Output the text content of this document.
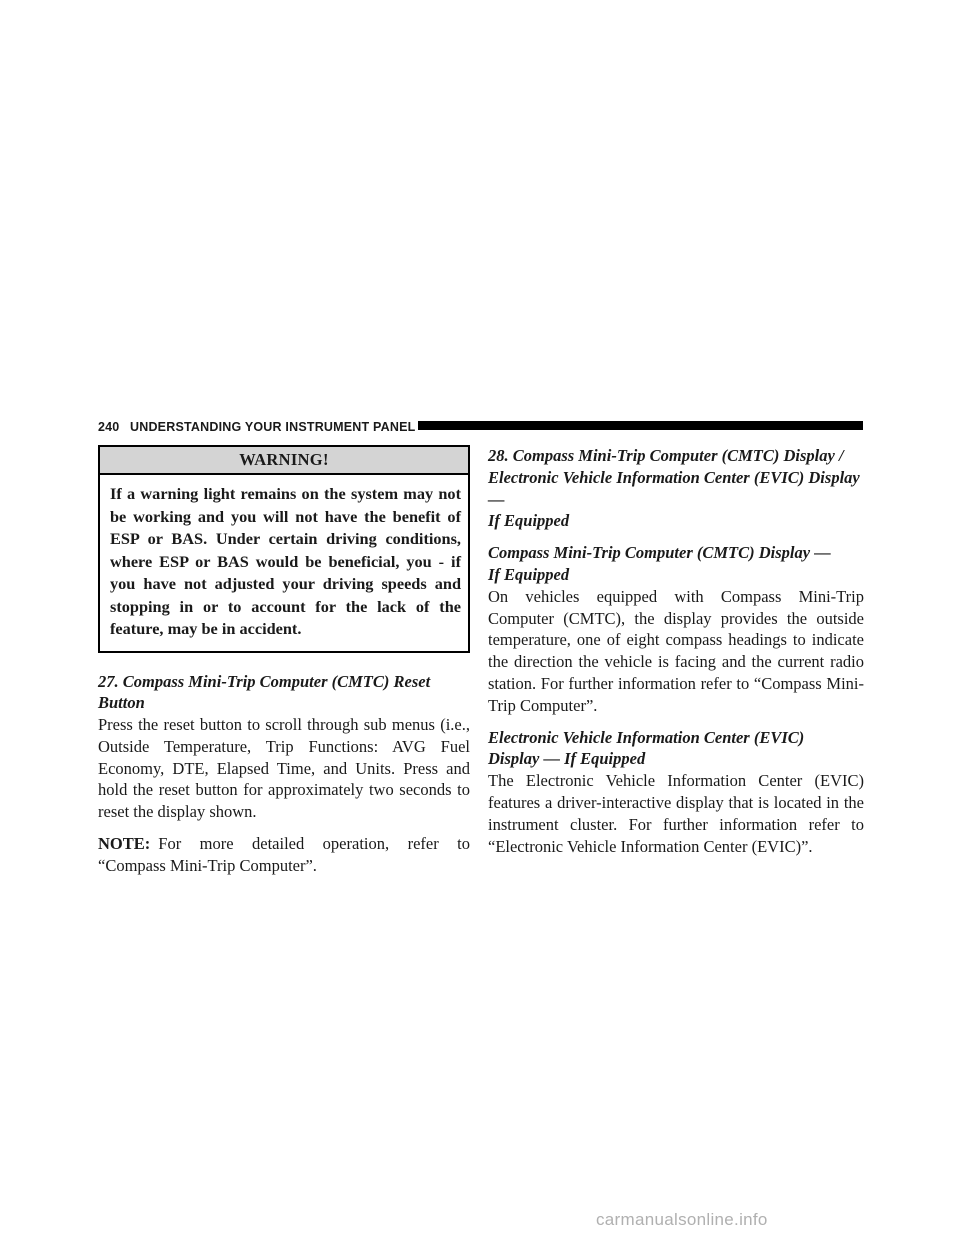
240 UNDERSTANDING YOUR INSTRUMENT PANEL
WARNING!
If a warning light remains on the system may not be working and you will not have the benefit of ESP or BAS. Under certain driving conditions, where ESP or BAS would be beneficial, you - if you have not adjusted your driving speeds and stopping in or to account for the lack of the feature, may be in accident.

27. Compass Mini-Trip Computer (CMTC) Reset
Button

Press the reset button to scroll through sub menus (i.e., Outside Temperature, Trip Functions: AVG Fuel Economy, DTE, Elapsed Time, and Units. Press and hold the reset button for approximately two seconds to reset the display shown.

NOTE: For more detailed operation, refer to “Compass Mini-Trip Computer”.

28. Compass Mini-Trip Computer (CMTC) Display /
Electronic Vehicle Information Center (EVIC) Display—
If Equipped

Compass Mini-Trip Computer (CMTC) Display —
If Equipped

On vehicles equipped with Compass Mini-Trip Computer (CMTC), the display provides the outside temperature, one of eight compass headings to indicate the direction the vehicle is facing and the current radio station. For further information refer to “Compass Mini-Trip Computer”.

Electronic Vehicle Information Center (EVIC)
Display — If Equipped

The Electronic Vehicle Information Center (EVIC) features a driver-interactive display that is located in the instrument cluster. For further information refer to “Electronic Vehicle Information Center (EVIC)”.

carmanualsonline.info
